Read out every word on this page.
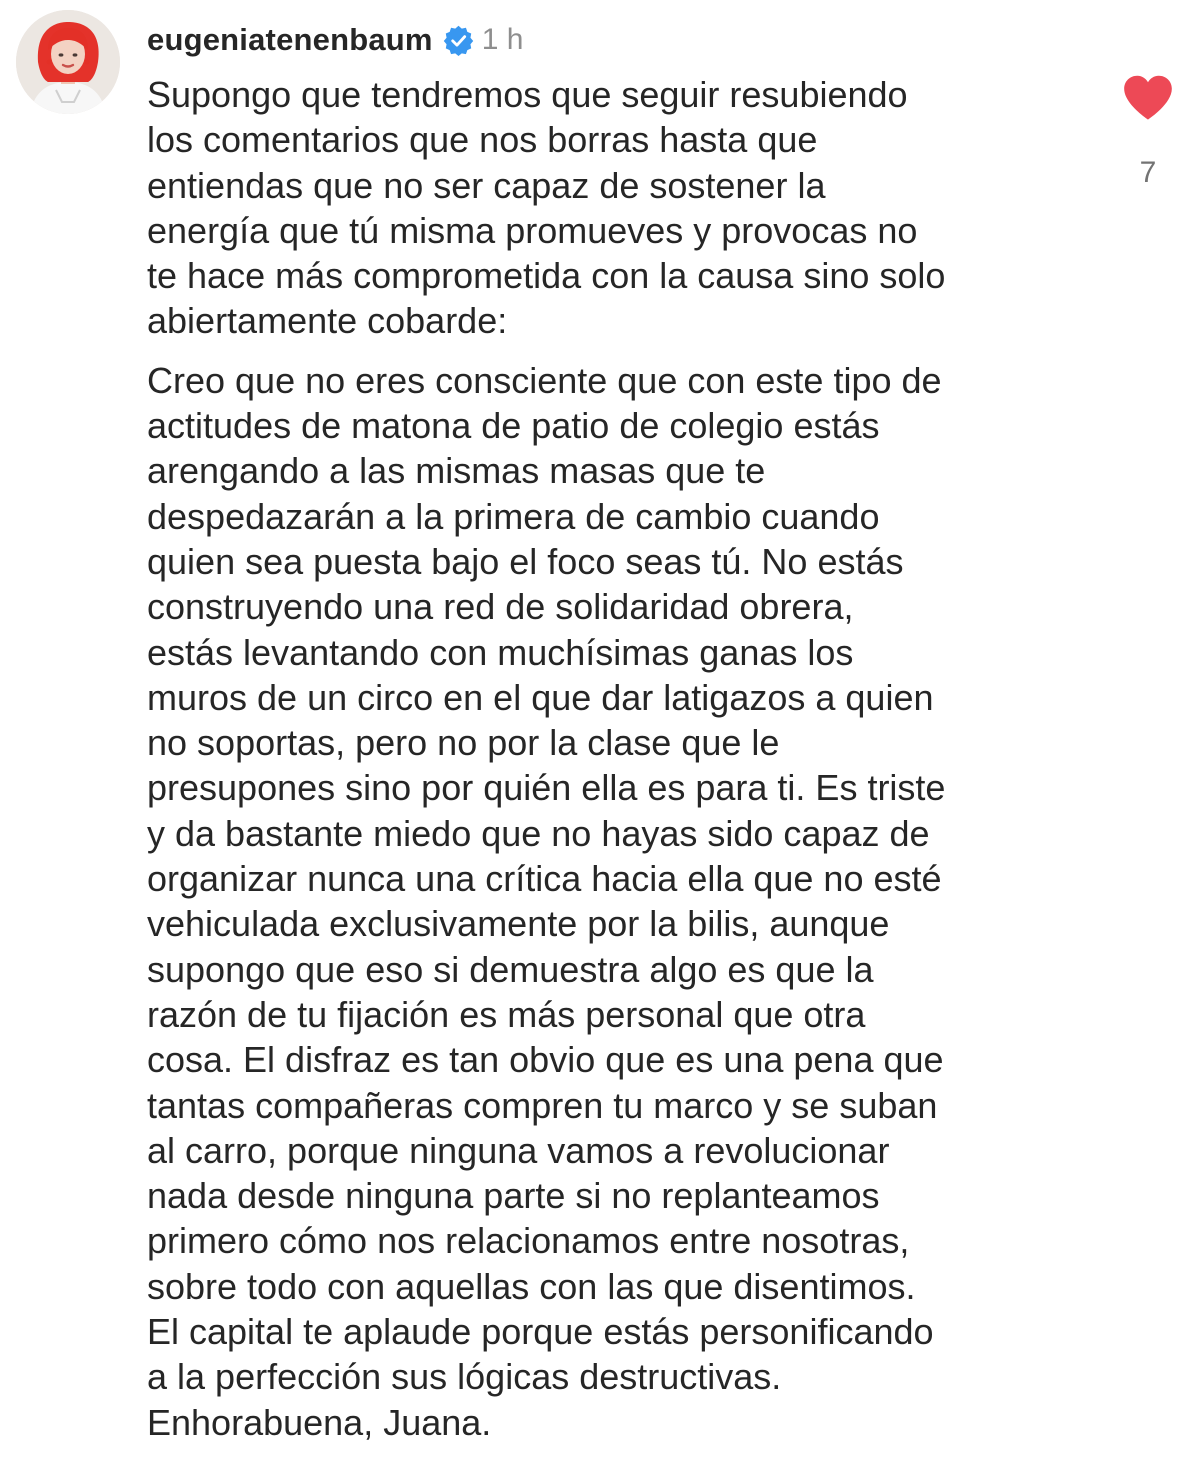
eugeniatenenbaum 1 h

Supongo que tendremos que seguir resubiendo
los comentarios que nos borras hasta que
entiendas que no ser capaz de sostener la
energía que tú misma promueves y provocas no
te hace más comprometida con la causa sino solo
abiertamente cobarde:

Creo que no eres consciente que con este tipo de
actitudes de matona de patio de colegio estás
arengando a las mismas masas que te
despedazarán a la primera de cambio cuando
quien sea puesta bajo el foco seas tú. No estás
construyendo una red de solidaridad obrera,
estás levantando con muchísimas ganas los
muros de un circo en el que dar latigazos a quien
no soportas, pero no por la clase que le
presupones sino por quién ella es para ti. Es triste
y da bastante miedo que no hayas sido capaz de
organizar nunca una crítica hacia ella que no esté
vehiculada exclusivamente por la bilis, aunque
supongo que eso si demuestra algo es que la
razón de tu fijación es más personal que otra
cosa. El disfraz es tan obvio que es una pena que
tantas compañeras compren tu marco y se suban
al carro, porque ninguna vamos a revolucionar
nada desde ninguna parte si no replanteamos
primero cómo nos relacionamos entre nosotras,
sobre todo con aquellas con las que disentimos.
El capital te aplaude porque estás personificando
a la perfección sus lógicas destructivas.
Enhorabuena, Juana.

7
